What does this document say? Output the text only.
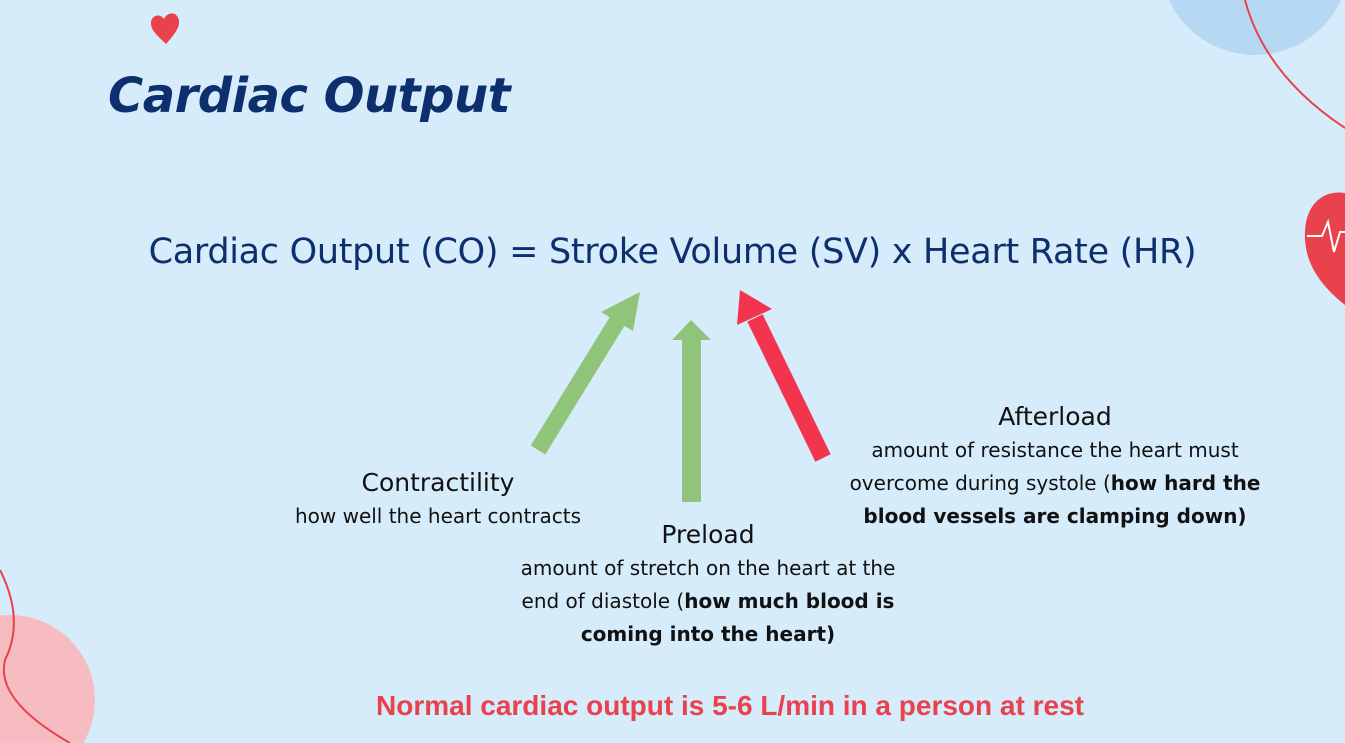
Cardiac Output
Cardiac Output (CO) = Stroke Volume (SV) x Heart Rate (HR)
Contractility
how well the heart contracts
Preload
amount of stretch on the heart at the
end of diastole (how much blood is
coming into the heart)
Afterload
amount of resistance the heart must
overcome during systole (how hard the
blood vessels are clamping down)
Normal cardiac output is 5-6 L/min in a person at rest
